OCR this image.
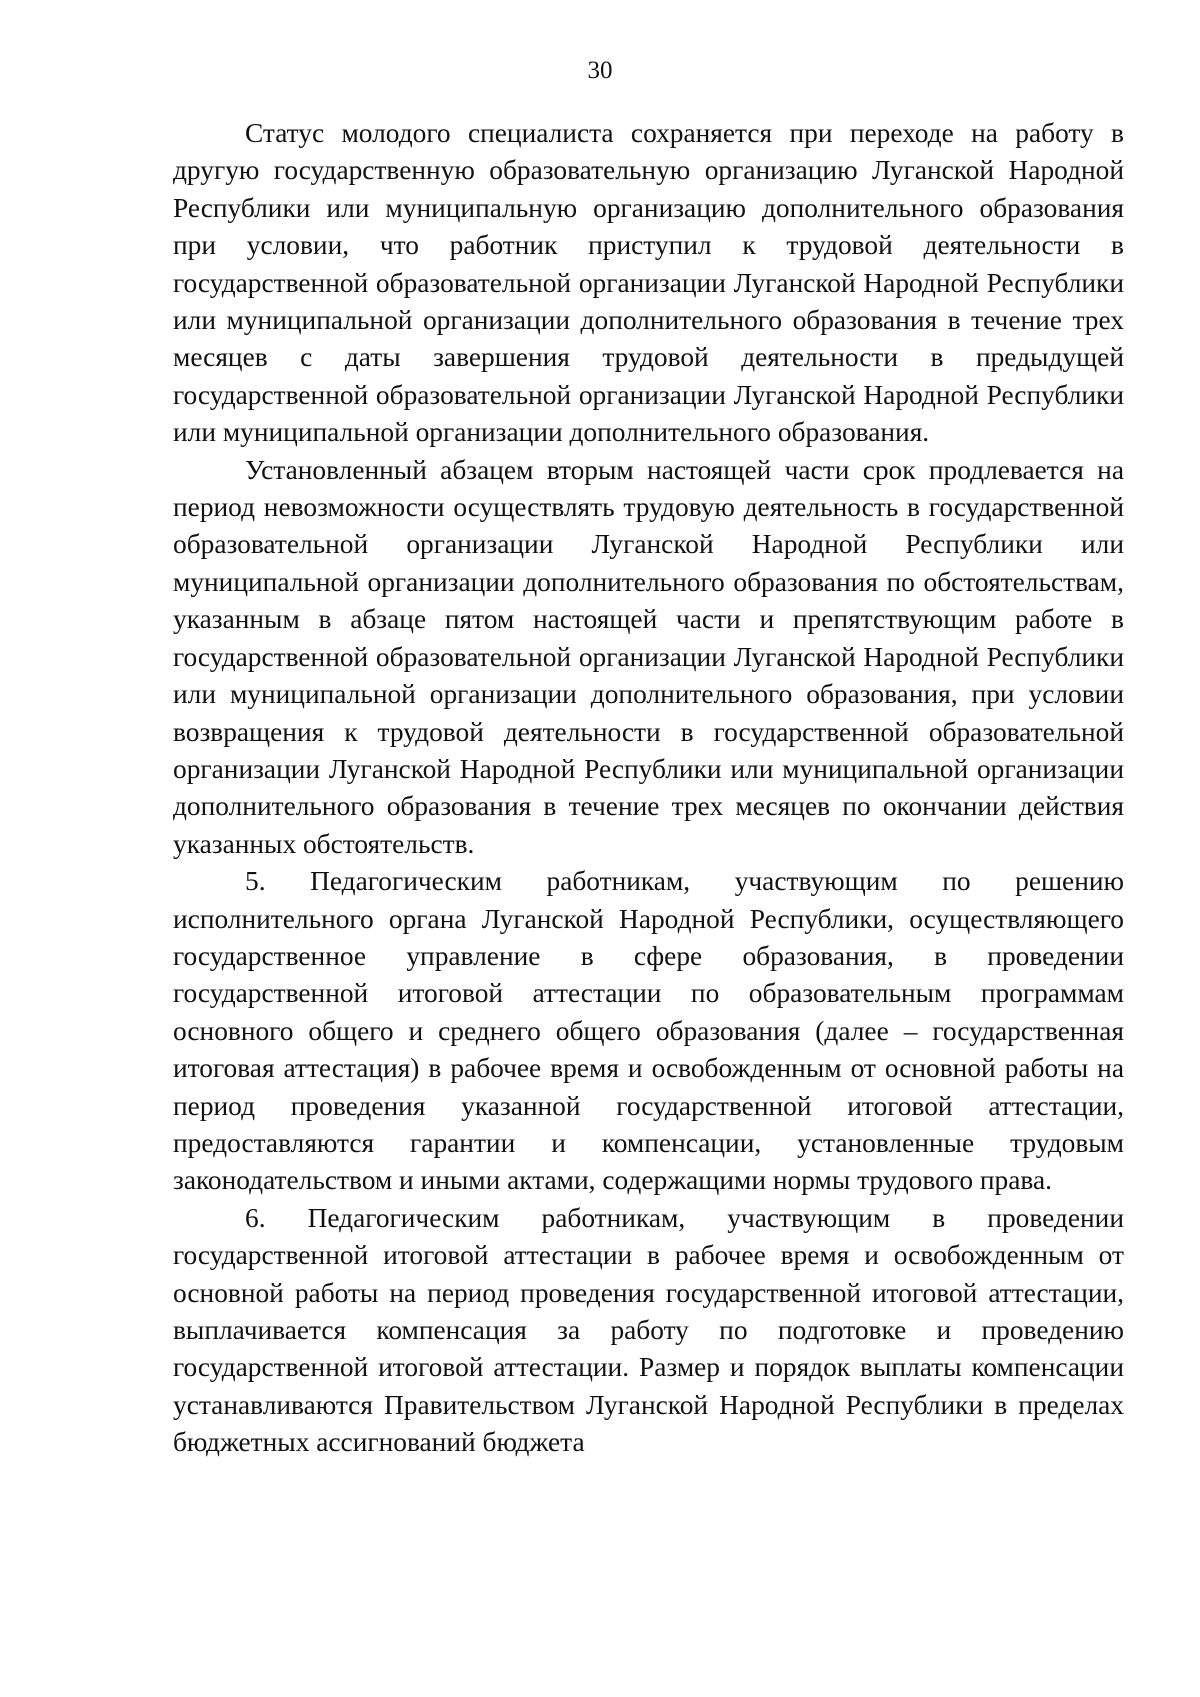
30

Статус молодого специалиста сохраняется при переходе на работу в другую государственную образовательную организацию Луганской Народной Республики или муниципальную организацию дополнительного образования при условии, что работник приступил к трудовой деятельности в государственной образовательной организации Луганской Народной Республики или муниципальной организации дополнительного образования в течение трех месяцев с даты завершения трудовой деятельности в предыдущей государственной образовательной организации Луганской Народной Республики или муниципальной организации дополнительного образования.

Установленный абзацем вторым настоящей части срок продлевается на период невозможности осуществлять трудовую деятельность в государственной образовательной организации Луганской Народной Республики или муниципальной организации дополнительного образования по обстоятельствам, указанным в абзаце пятом настоящей части и препятствующим работе в государственной образовательной организации Луганской Народной Республики или муниципальной организации дополнительного образования, при условии возвращения к трудовой деятельности в государственной образовательной организации Луганской Народной Республики или муниципальной организации дополнительного образования в течение трех месяцев по окончании действия указанных обстоятельств.

5. Педагогическим работникам, участвующим по решению исполнительного органа Луганской Народной Республики, осуществляющего государственное управление в сфере образования, в проведении государственной итоговой аттестации по образовательным программам основного общего и среднего общего образования (далее – государственная итоговая аттестация) в рабочее время и освобожденным от основной работы на период проведения указанной государственной итоговой аттестации, предоставляются гарантии и компенсации, установленные трудовым законодательством и иными актами, содержащими нормы трудового права.

6. Педагогическим работникам, участвующим в проведении государственной итоговой аттестации в рабочее время и освобожденным от основной работы на период проведения государственной итоговой аттестации, выплачивается компенсация за работу по подготовке и проведению государственной итоговой аттестации. Размер и порядок выплаты компенсации устанавливаются Правительством Луганской Народной Республики в пределах бюджетных ассигнований бюджета
